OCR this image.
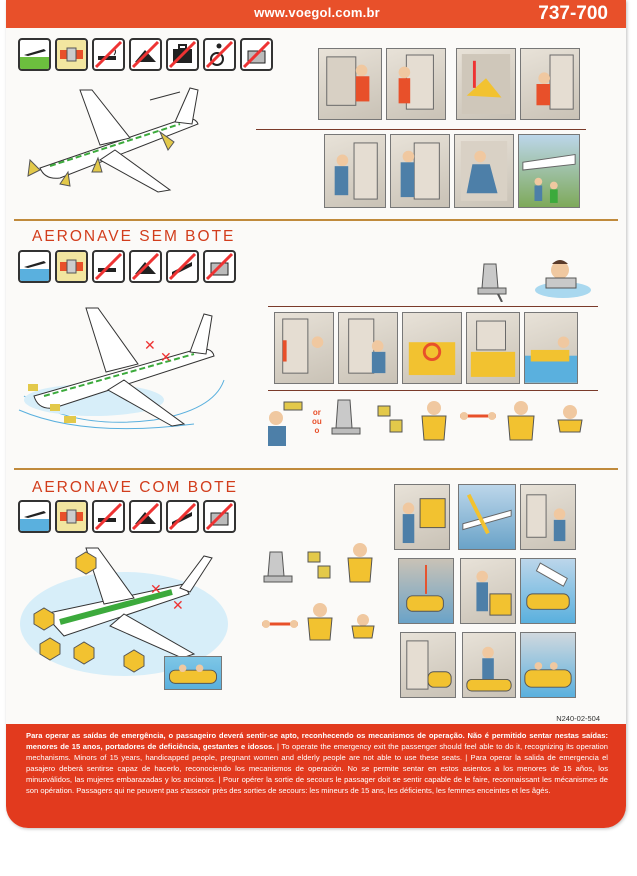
www.voegol.com.br	737-700
AERONAVE SEM BOTE
✕
✕
or
ou
o
AERONAVE COM BOTE
✕
✕
N240-02-504
Para operar as saídas de emergência, o passageiro deverá sentir-se apto, reconhecendo os mecanismos de operação. Não é permitido sentar nestas saídas: menores de 15 anos, portadores de deficiência, gestantes e idosos. | To operate the emergency exit the passenger should feel able to do it, recognizing its operation mechanisms. Minors of 15 years, handicapped people, pregnant women and elderly people are not able to use these seats. | Para operar la salida de emergencia el pasajero deberá sentirse capaz de hacerlo, reconociendo los mecanismos de operación. No se permite sentar en estos asientos a los menores de 15 años, los minusválidos, las mujeres embarazadas y los ancianos. | Pour opérer la sortie de secours le passager doit se sentir capable de le faire, reconnaissant les mécanismes de son opération. Passagers qui ne peuvent pas s'asseoir près des sorties de secours: les mineurs de 15 ans, les déficients, les femmes enceintes et les âgés.
